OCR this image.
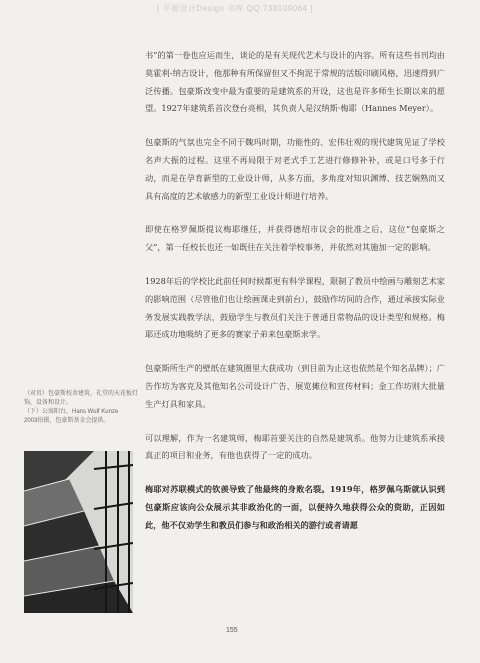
[ 平面设计Design 书库 QQ:738109064 ]

书”的第一卷也应运而生，谈论的是有关现代艺术与设计的内容。所有这些书刊均由莫霍利-纳吉设计，他那种有所保留但又不拘泥于常规的活版印刷风格，迅速得到广泛传播。包豪斯改变中最为重要的是建筑系的开设，这也是许多师生长期以来的愿望。1927年建筑系首次登台亮相，其负责人是汉纳斯·梅耶（Hannes Meyer）。

包豪斯的气氛也完全不同于魏玛时期，功能性的、宏伟壮观的现代建筑见证了学校名声大振的过程。这里不再局限于对老式手工艺进行修修补补，或是口号多于行动，而是在孕育新型的工业设计师，从多方面，多角度对知识渊博、技艺娴熟而又具有高度的艺术敏感力的新型工业设计师进行培养。

即使在格罗佩斯提议梅耶继任，并获得德绍市议会的批准之后，这位“包豪斯之父”，第一任校长也还一如既往在关注着学校事务，并依然对其施加一定的影响。

1928年后的学校比此前任何时候都更有科学课程，限制了教员中绘画与雕刻艺术家的影响范围（尽管他们也让绘画课走到前台），鼓励作坊间的合作，通过承接实际业务发展实践教学法，鼓励学生与教员们关注于普通目常物品的设计类型和规格。梅耶还成功地吸纳了更多的赛家子弟来包豪斯求学。

包豪斯所生产的壁纸在建筑圈里大获成功（到目前为止这也依然是个知名品牌）；广告作坊为客克及其他知名公司设计广告、展览摊位和宣传材料；金工作坊则大批量生产灯具和家具。

可以理解，作为一名建筑师，梅耶首要关注的自然是建筑系。他努力让建筑系承接真正的项目和业务，有他也获得了一定的成功。

梅耶对苏联模式的钦羡导致了他最终的身败名裂。1919年，格罗佩乌斯就认识到包豪斯应该向公众展示其非政治化的一面，以便持久地获得公众的资助，正因如此，他不仅劝学生和教员们参与和政治相关的游行或者请愿

（对页）包豪斯校舍建筑，礼堂的天花板灯饰，设备和设计。
（下）公寓阳台，Hans Wulf Kunze
2003拍摄，包豪斯基金会提供。
155
